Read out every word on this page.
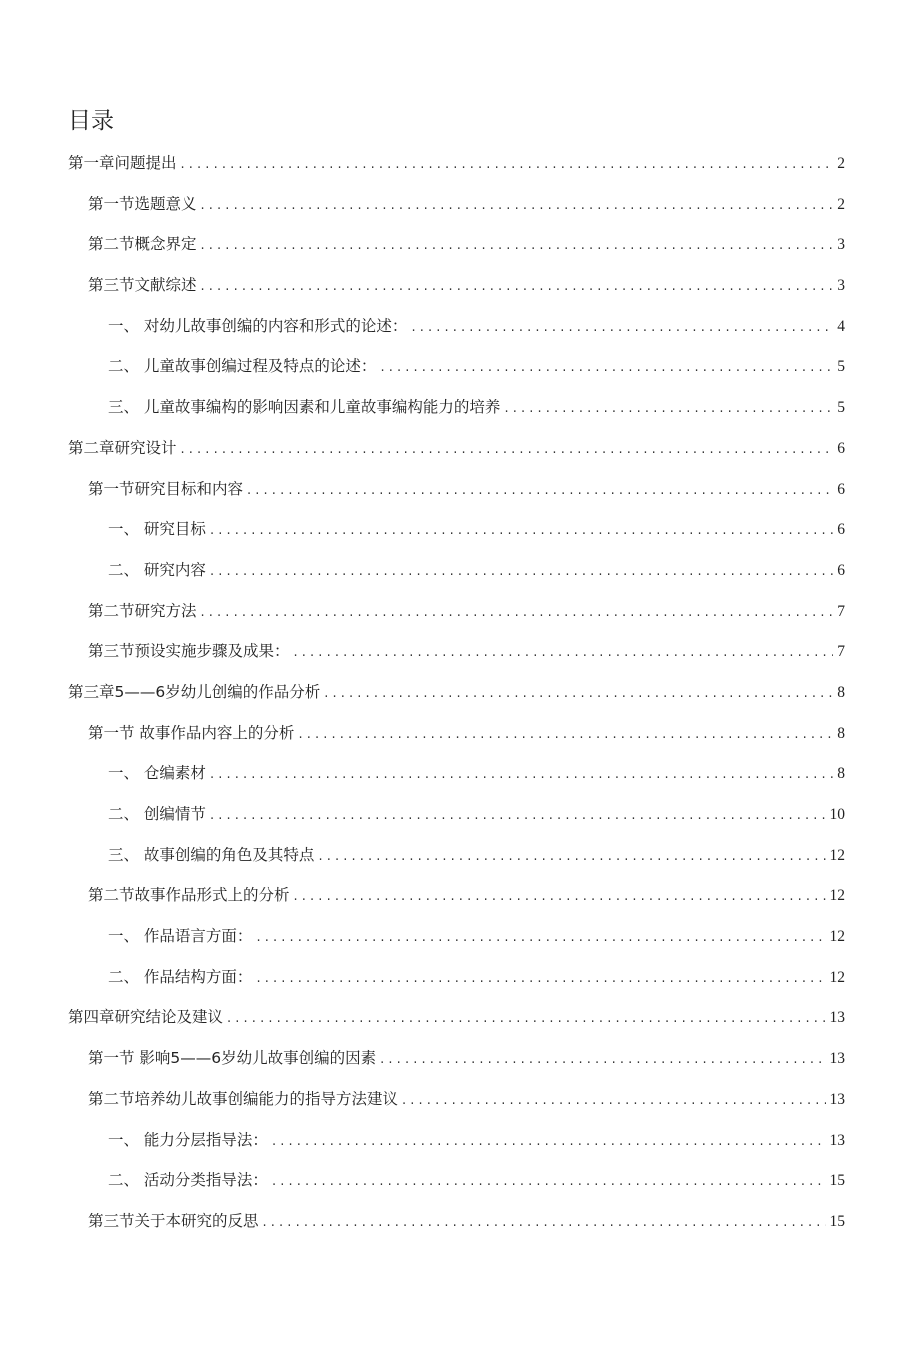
目录
第一章问题提出 . . .	2
第一节选题意义 . . .	2
第二节概念界定 . . .	3
第三节文献综述 . . .	3
一、 对幼儿故事创编的内容和形式的论述： . . .	4
二、 儿童故事创编过程及特点的论述： . . .	5
三、 儿童故事编构的影响因素和儿童故事编构能力的培养 . . .	5
第二章研究设计 . . .	6
第一节研究目标和内容 . . .	6
一、 研究目标 . . .	6
二、 研究内容 . . .	6
第二节研究方法 . . .	7
第三节预设实施步骤及成果： . . .	7
第三章5——6岁幼儿创编的作品分析 . . .	8
第一节 故事作品内容上的分析 . . .	8
一、 仓编素材 . . .	8
二、 创编情节 . . .	10
三、 故事创编的角色及其特点 . . .	12
第二节故事作品形式上的分析 . . .	12
一、 作品语言方面： . . .	12
二、 作品结构方面： . . .	12
第四章研究结论及建议 . . .	13
第一节 影响5——6岁幼儿故事创编的因素 . . .	13
第二节培养幼儿故事创编能力的指导方法建议 . . .	13
一、 能力分层指导法： . . .	13
二、 活动分类指导法： . . .	15
第三节关于本研究的反思 . . .	15
